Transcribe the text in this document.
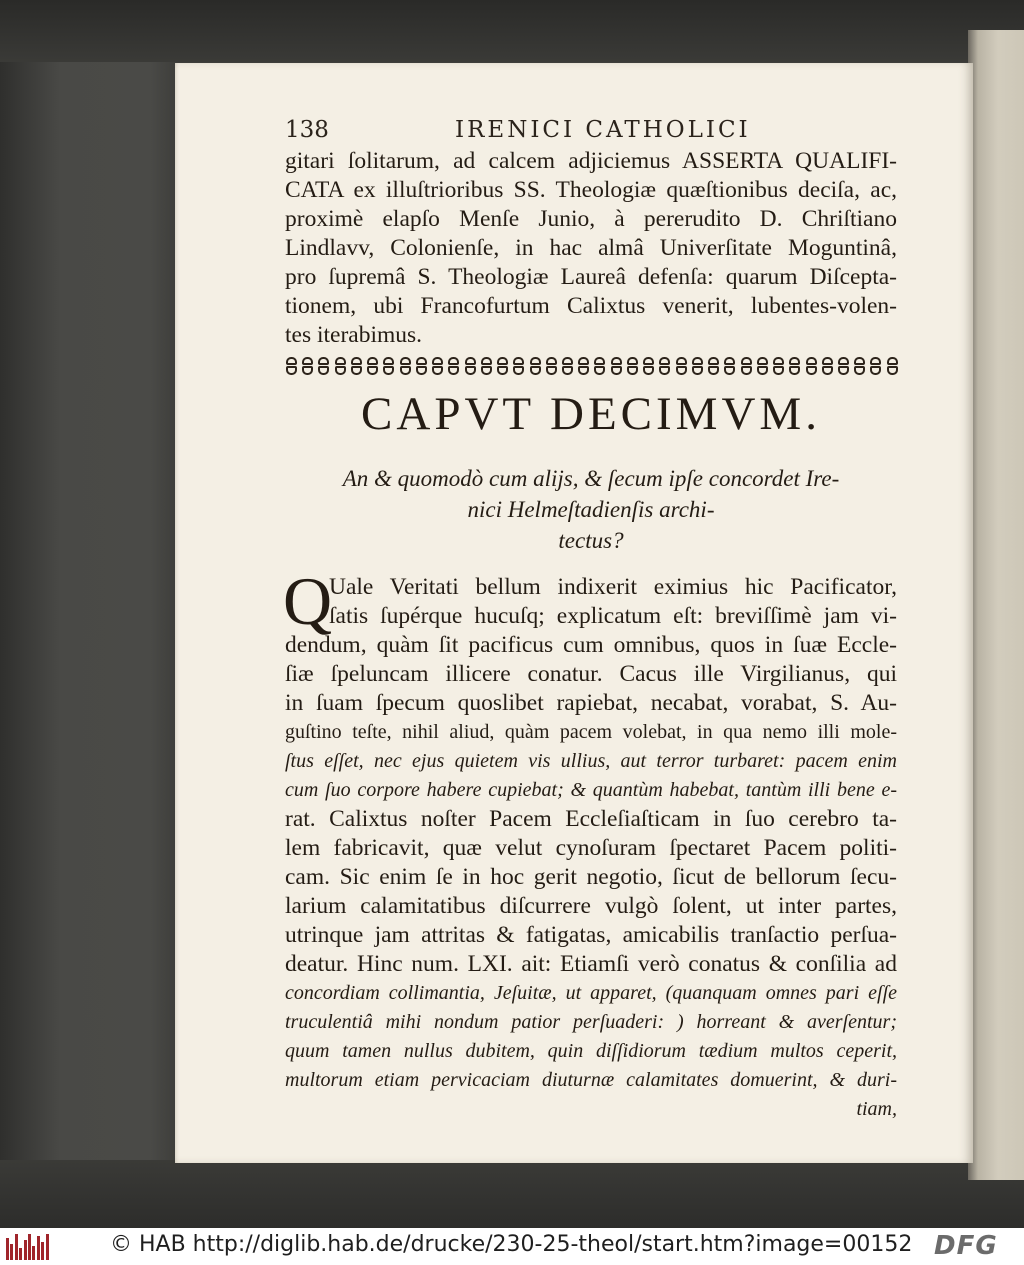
138	IRENICI CATHOLICI
gitari ſolitarum, ad calcem adjiciemus ASSERTA QUALIFI-
CATA ex illuſtrioribus SS. Theologiæ quæſtionibus deciſa, ac,
proximè elapſo Menſe Junio, à pereruditο D. Chriſtiano
Lindlavv, Colonienſe, in hac almâ Univerſitate Moguntinâ,
pro ſupremâ S. Theologiæ Laureâ defenſa: quarum Diſcepta-
tionem, ubi Francofurtum Calixtus venerit, lubentes-volen-
tes iterabimus.
CAPVT DECIMVM.
An & quomodò cum alijs, & ſecum ipſe concordet Ire-
nici Helmeſtadienſis archi-
tectus?
Q
Uale Veritati bellum indixerit eximius hic Pacificator,
ſatis ſupérque hucuſq; explicatum eſt: breviſſimè jam vi-
dendum, quàm ſit pacificus cum omnibus, quos in ſuæ Eccle-
ſiæ ſpeluncam illicere conatur. Cacus ille Virgilianus, qui
in ſuam ſpecum quoslibet rapiebat, necabat, vorabat, S. Au-
guſtino teſte, nihil aliud, quàm pacem volebat, in qua nemo illi mole-
ſtus eſſet, nec ejus quietem vis ullius, aut terror turbaret: pacem enim
cum ſuo corpore habere cupiebat; & quantùm habebat, tantùm illi bene e-
rat. Calixtus noſter Pacem Eccleſiaſticam in ſuo cerebro ta-
lem fabricavit, quæ velut cynoſuram ſpectaret Pacem politi-
cam. Sic enim ſe in hoc gerit negotio, ſicut de bellorum ſecu-
larium calamitatibus diſcurrere vulgò ſolent, ut inter partes,
utrinque jam attritas & fatigatas, amicabilis tranſactio perſua-
deatur. Hinc num. LXI. ait: Etiamſi verò conatus & conſilia ad
concordiam collimantia, Jeſuitæ, ut apparet, (quanquam omnes pari eſſe
truculentiâ mihi nondum patior perſuaderi: ) horreant & averſentur;
quum tamen nullus dubitem, quin diſſidiorum tædium multos ceperit,
multorum etiam pervicaciam diuturnæ calamitates domuerint, & duri-
tiam,
© HAB http://diglib.hab.de/drucke/230-25-theol/start.htm?image=00152 DFG
